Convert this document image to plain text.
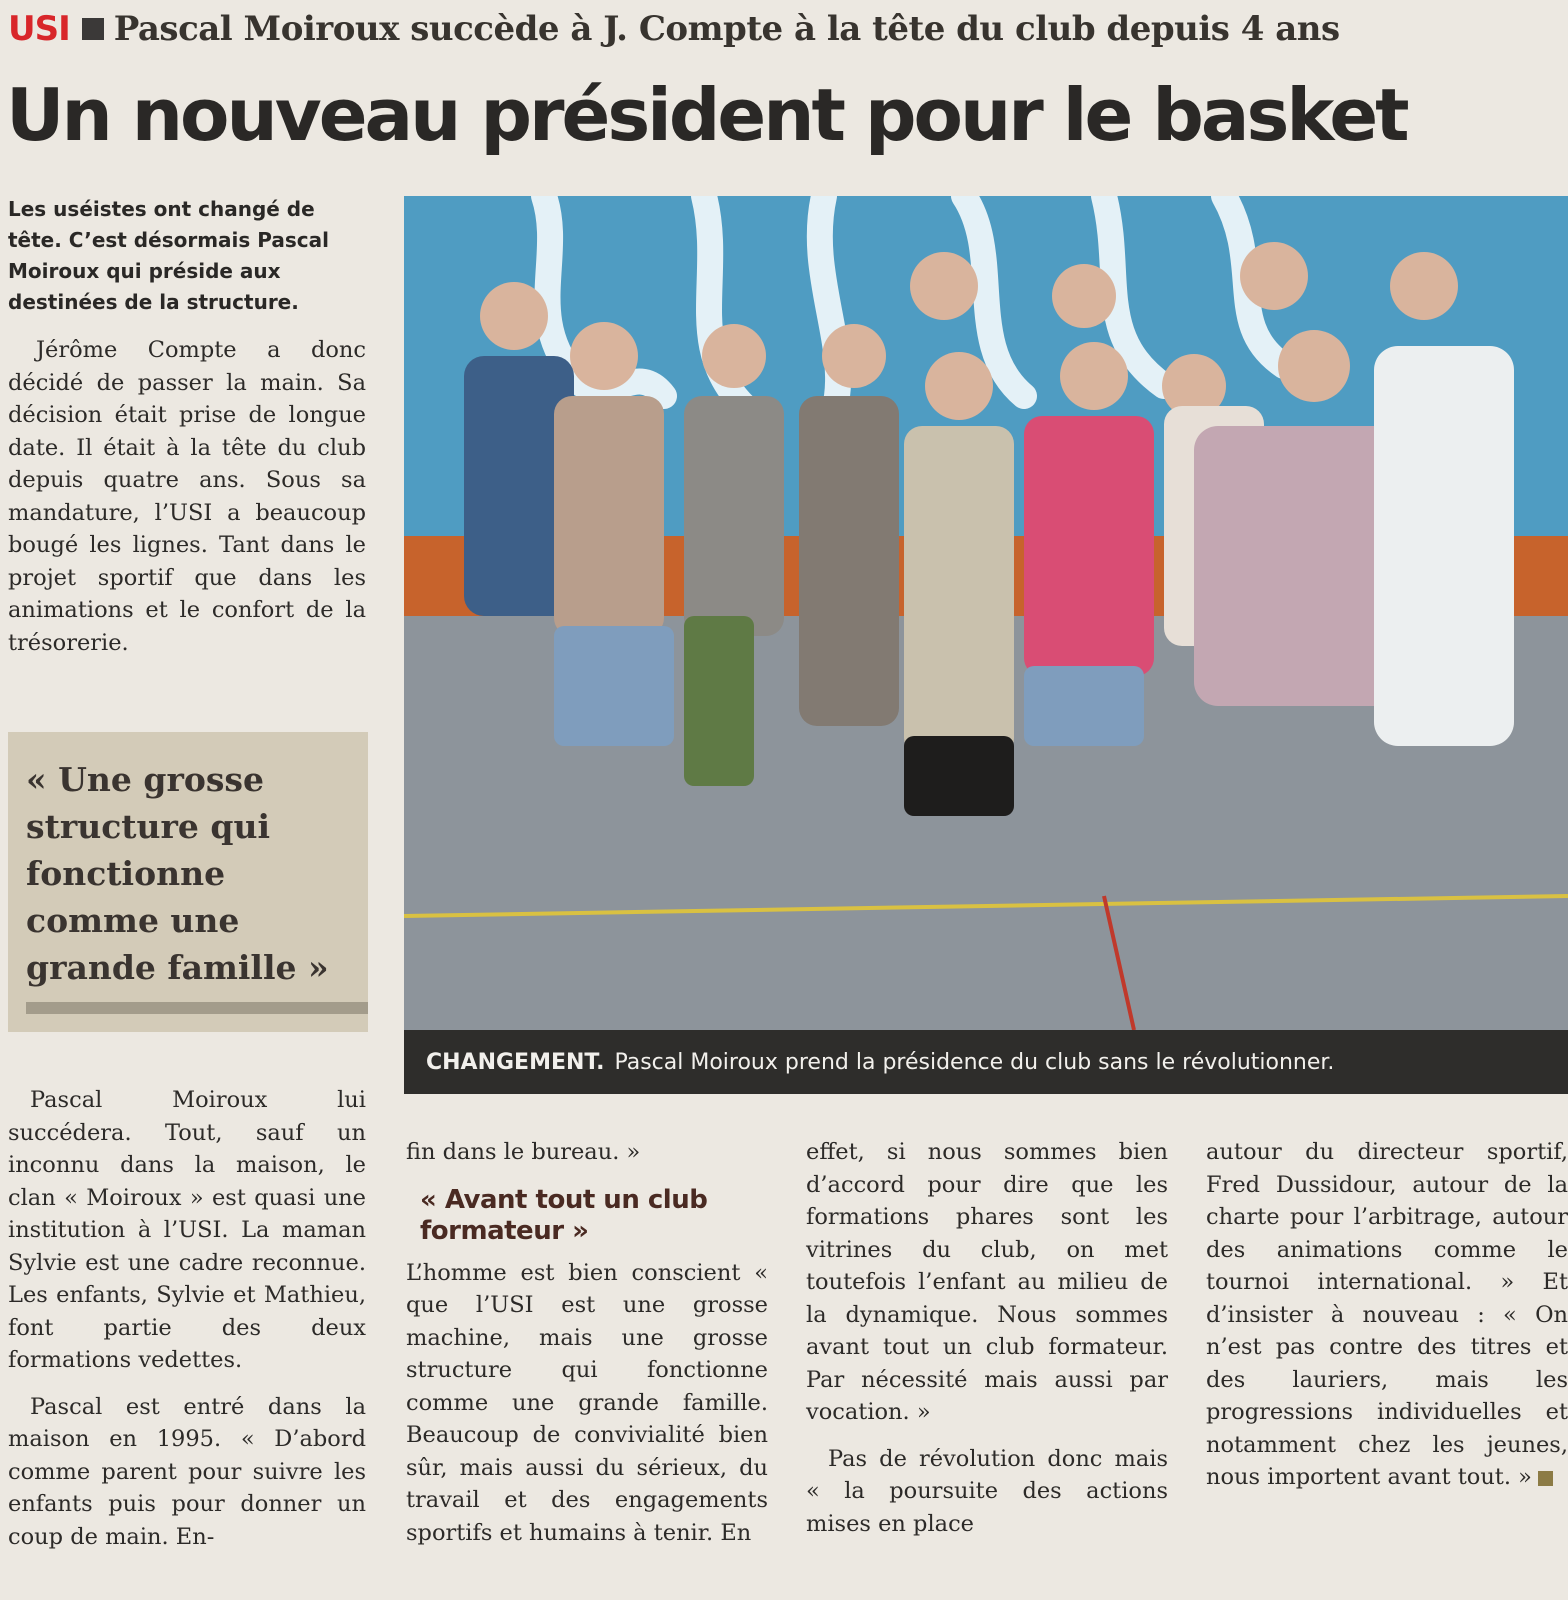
USI Pascal Moiroux succède à J. Compte à la tête du club depuis 4 ans
Un nouveau président pour le basket

Les uséistes ont changé de tête. C’est désormais Pascal Moiroux qui préside aux destinées de la structure.

Jérôme Compte a donc décidé de passer la main. Sa décision était prise de longue date. Il était à la tête du club depuis quatre ans. Sous sa mandature, l’USI a beaucoup bougé les lignes. Tant dans le projet sportif que dans les animations et le confort de la trésorerie.

« Une grosse structure qui fonctionne comme une grande famille »

Pascal Moiroux lui succédera. Tout, sauf un inconnu dans la maison, le clan « Moiroux » est quasi une institution à l’USI. La maman Sylvie est une cadre reconnue. Les enfants, Sylvie et Mathieu, font partie des deux formations vedettes.

Pascal est entré dans la maison en 1995. « D’abord comme parent pour suivre les enfants puis pour donner un coup de main. En-

CHANGEMENT. Pascal Moiroux prend la présidence du club sans le révolutionner.

fin dans le bureau. »

« Avant tout un club formateur »

L’homme est bien conscient « que l’USI est une grosse machine, mais une grosse structure qui fonctionne comme une grande famille. Beaucoup de convivialité bien sûr, mais aussi du sérieux, du travail et des engagements sportifs et humains à tenir. En

effet, si nous sommes bien d’accord pour dire que les formations phares sont les vitrines du club, on met toutefois l’enfant au milieu de la dynamique. Nous sommes avant tout un club formateur. Par nécessité mais aussi par vocation. »

Pas de révolution donc mais « la poursuite des actions mises en place

autour du directeur sportif, Fred Dussidour, autour de la charte pour l’arbitrage, autour des animations comme le tournoi international. » Et d’insister à nouveau : « On n’est pas contre des titres et des lauriers, mais les progressions individuelles et notamment chez les jeunes, nous importent avant tout. »
